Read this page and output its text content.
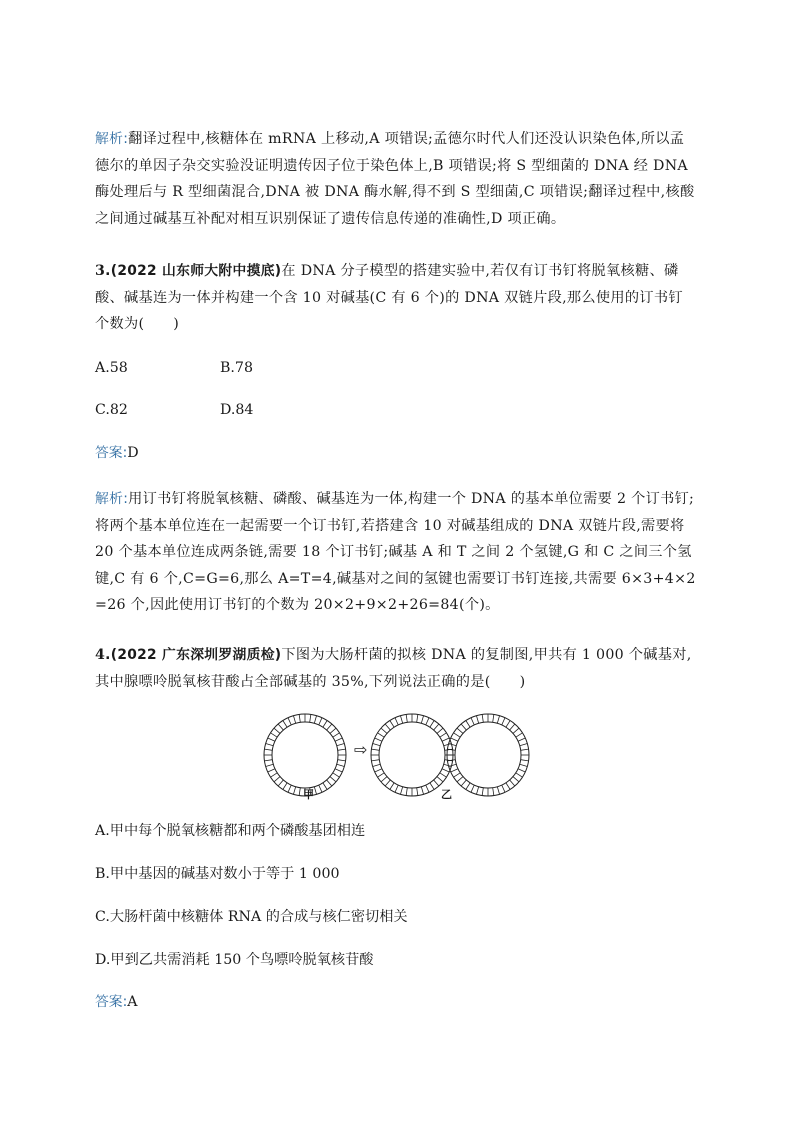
解析:翻译过程中,核糖体在 mRNA 上移动,A 项错误;孟德尔时代人们还没认识染色体,所以孟德尔的单因子杂交实验没证明遗传因子位于染色体上,B 项错误;将 S 型细菌的 DNA 经 DNA 酶处理后与 R 型细菌混合,DNA 被 DNA 酶水解,得不到 S 型细菌,C 项错误;翻译过程中,核酸之间通过碱基互补配对相互识别保证了遗传信息传递的准确性,D 项正确。
3.(2022 山东师大附中摸底)在 DNA 分子模型的搭建实验中,若仅有订书钉将脱氧核糖、磷酸、碱基连为一体并构建一个含 10 对碱基(C 有 6 个)的 DNA 双链片段,那么使用的订书钉个数为(　　)
A.58	B.78
C.82	D.84
答案:D
解析:用订书钉将脱氧核糖、磷酸、碱基连为一体,构建一个 DNA 的基本单位需要 2 个订书钉;将两个基本单位连在一起需要一个订书钉,若搭建含 10 对碱基组成的 DNA 双链片段,需要将 20 个基本单位连成两条链,需要 18 个订书钉;碱基 A 和 T 之间 2 个氢键,G 和 C 之间三个氢键,C 有 6 个,C=G=6,那么 A=T=4,碱基对之间的氢键也需要订书钉连接,共需要 6×3+4×2=26 个,因此使用订书钉的个数为 20×2+9×2+26=84(个)。
4.(2022 广东深圳罗湖质检)下图为大肠杆菌的拟核 DNA 的复制图,甲共有 1 000 个碱基对,其中腺嘌呤脱氧核苷酸占全部碱基的 35%,下列说法正确的是(　　)
⇨
甲	乙
A.甲中每个脱氧核糖都和两个磷酸基团相连
B.甲中基因的碱基对数小于等于 1 000
C.大肠杆菌中核糖体 RNA 的合成与核仁密切相关
D.甲到乙共需消耗 150 个鸟嘌呤脱氧核苷酸
答案:A
